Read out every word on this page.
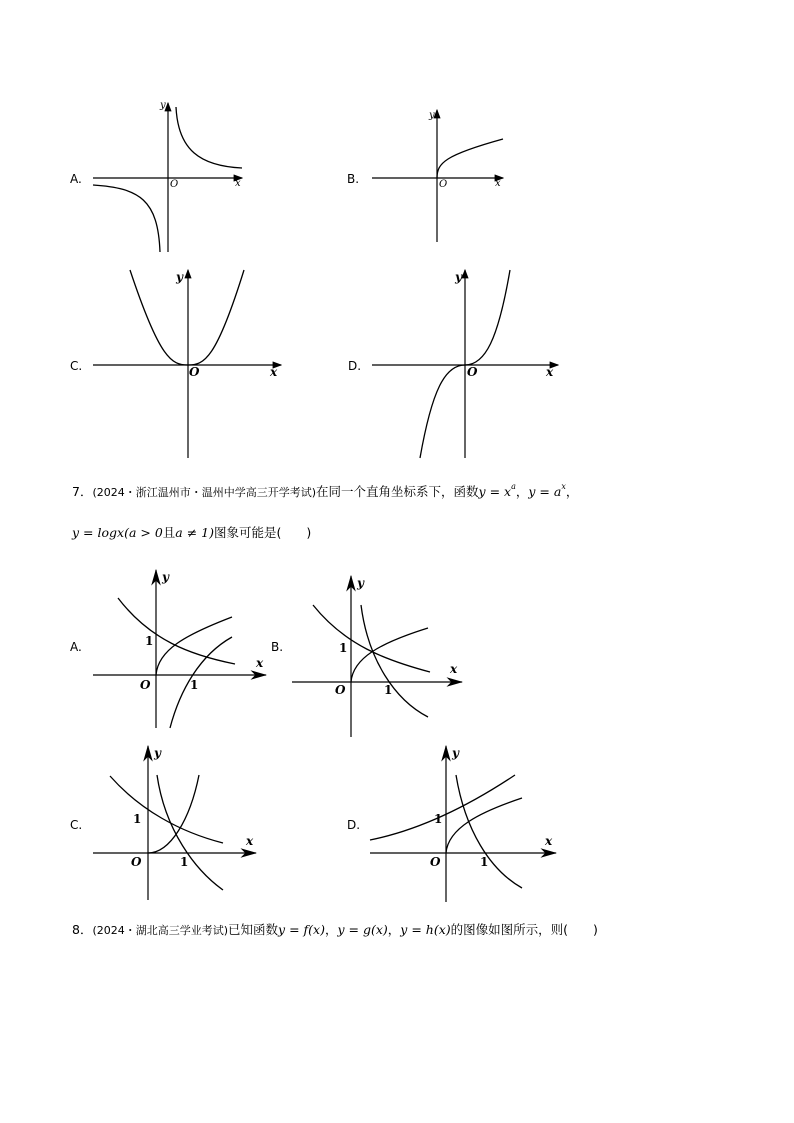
A.
y
x
O	B.
y
x
O
C.
y
x
O	D.
y
x
O
7．(2024・浙江温州市・温州中学高三开学考试)在同一个直角坐标系下，函数$y = x^a$，$y = a^x$，
y = logx(a > 0且a ≠ 1)图象可能是(　　)
A.
y
x
O
1
1
B.
y
x
O
1
1
C.
y
x
O
1
1
D.
y
x
O
1
1
8．(2024・湖北高三学业考试)已知函数y = f(x)，y = g(x)，y = h(x)的图像如图所示，则(　　)
